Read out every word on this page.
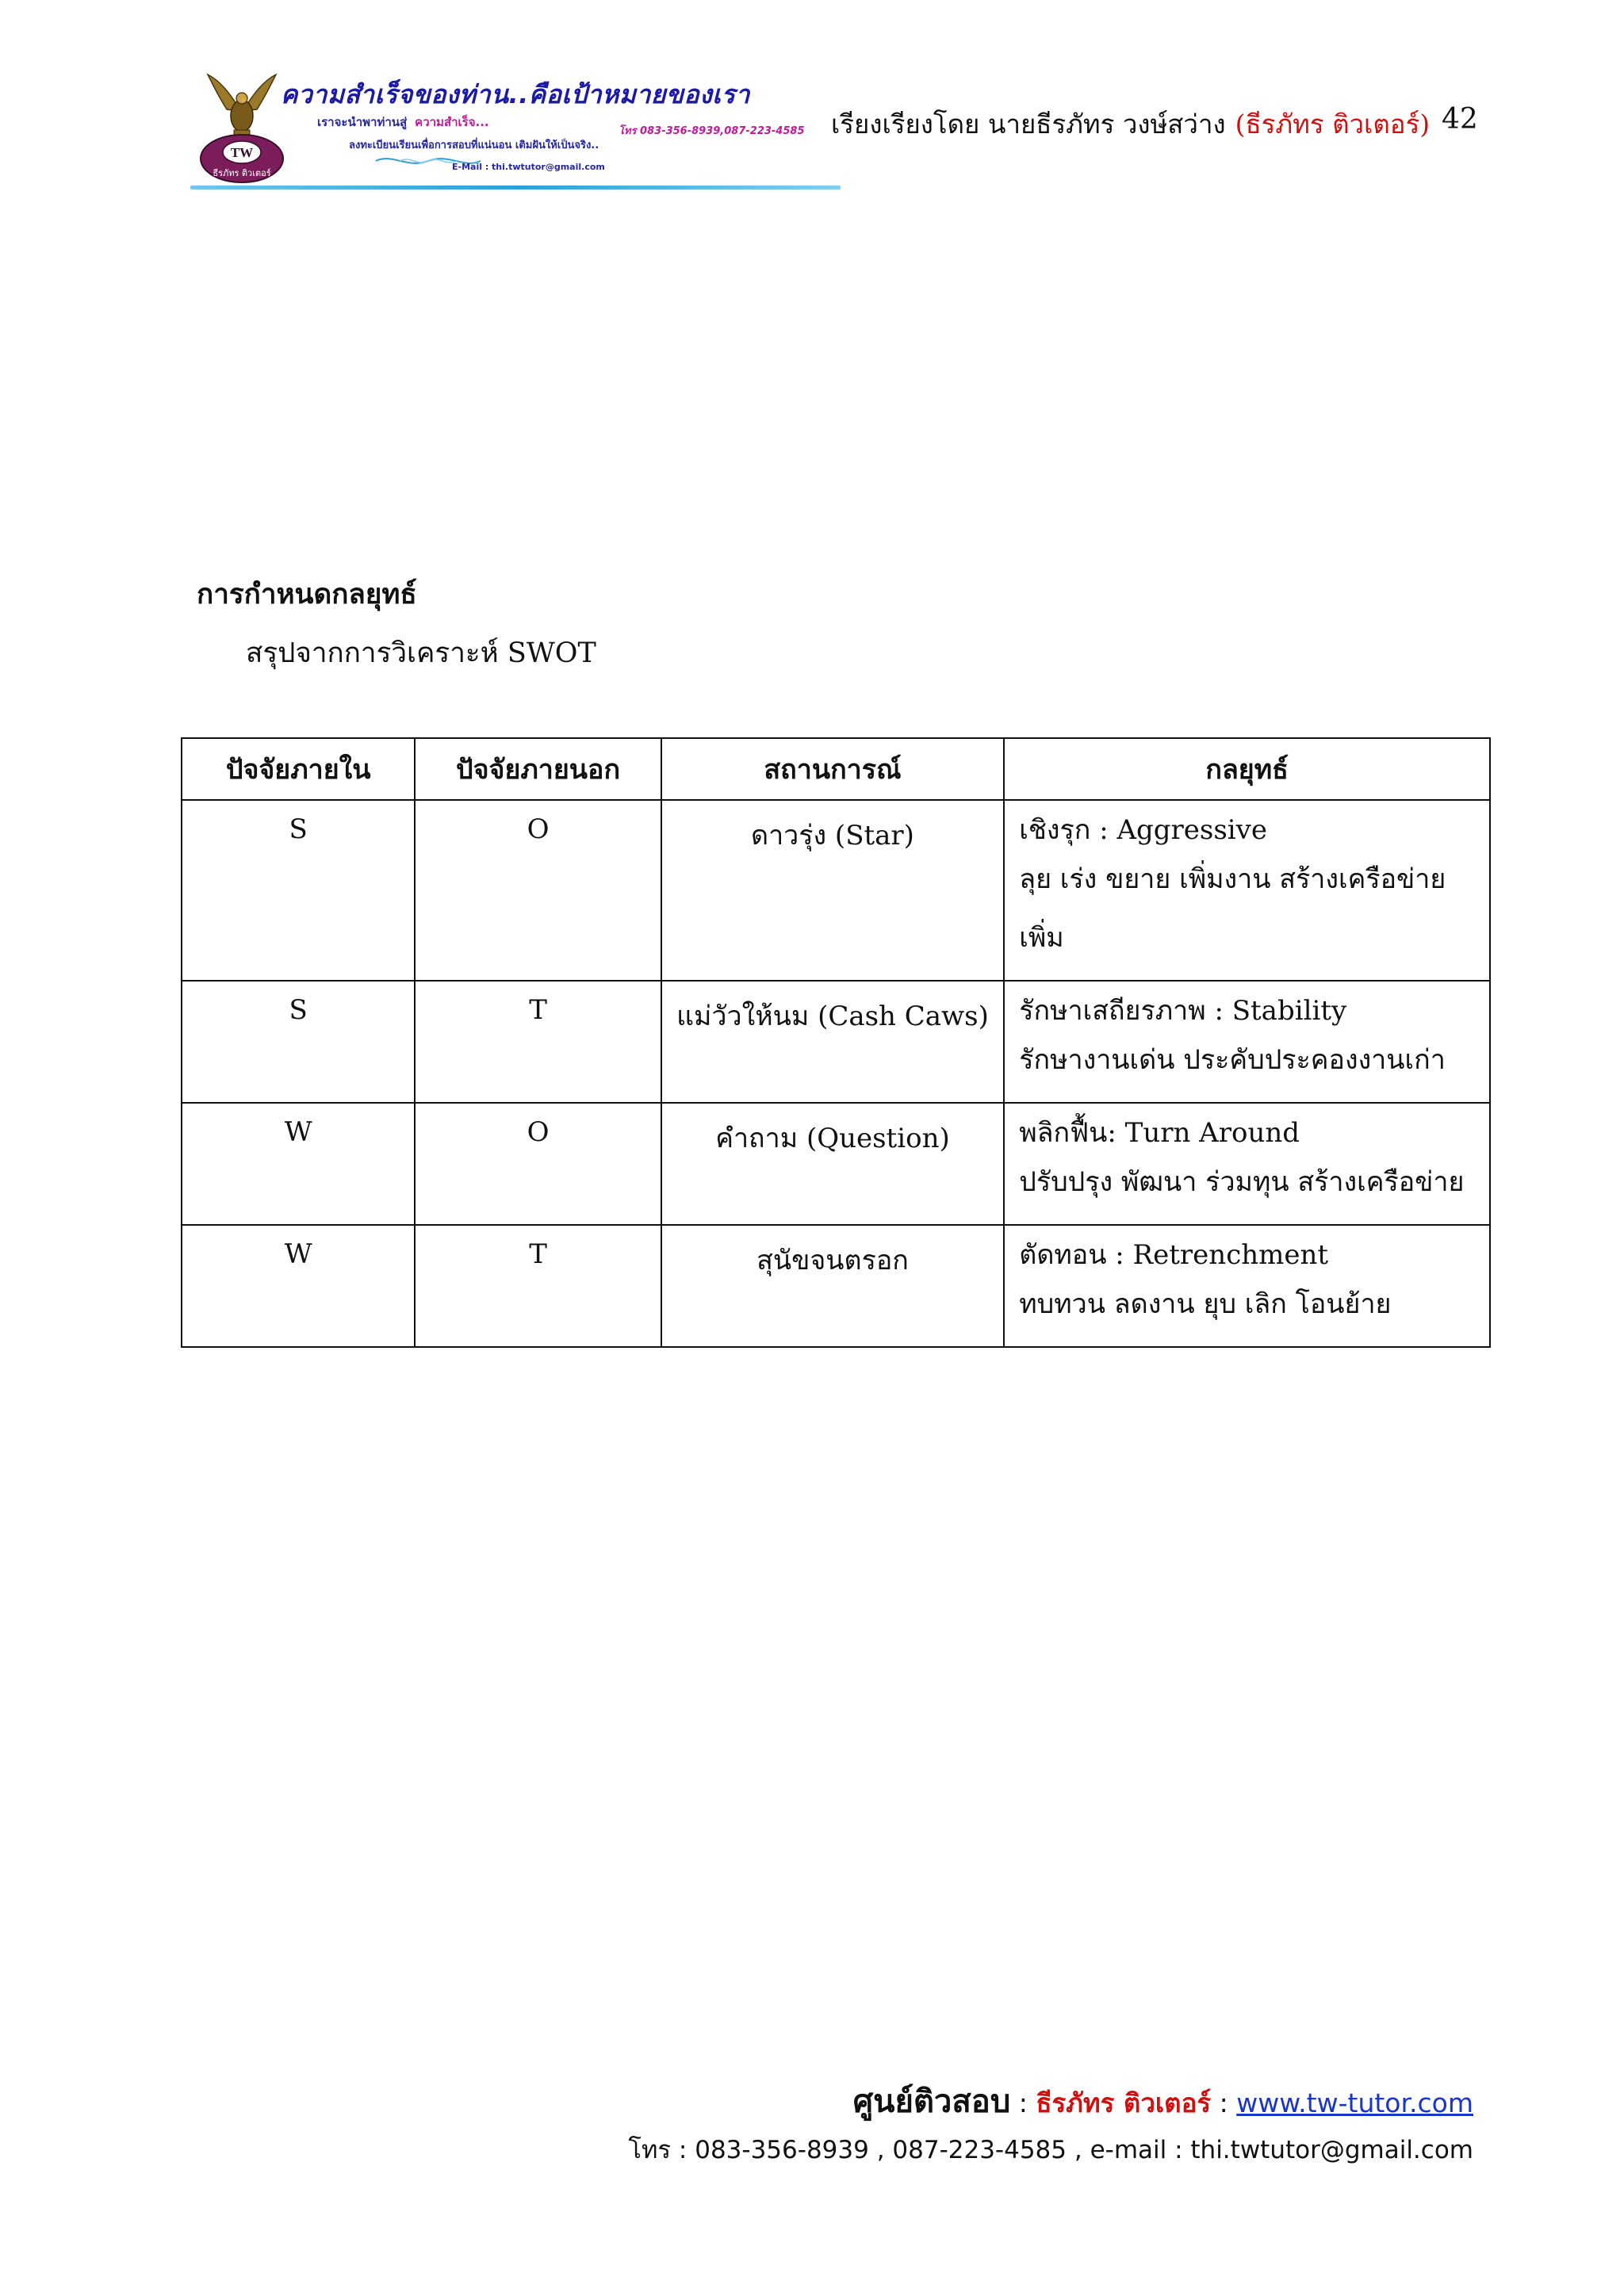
TW
ธีรภัทร ติวเตอร์
ความสำเร็จของท่าน..คือเป้าหมายของเรา
เราจะนำพาท่านสู่ ความสำเร็จ...
โทร 083-356-8939,087-223-4585
ลงทะเบียนเรียนเพื่อการสอบที่แน่นอน เติมฝันให้เป็นจริง..
E-Mail : thi.twtutor@gmail.com
เรียงเรียงโดย นายธีรภัทร วงษ์สว่าง (ธีรภัทร ติวเตอร์) 42
การกำหนดกลยุทธ์
สรุปจากการวิเคราะห์ SWOT
ปัจจัยภายใน	ปัจจัยภายนอก	สถานการณ์	กลยุทธ์
S	O	ดาวรุ่ง (Star)	เชิงรุก : Aggressive
ลุย เร่ง ขยาย เพิ่มงาน สร้างเครือข่าย
เพิ่ม

S	T	แม่วัวให้นม (Cash Caws)	รักษาเสถียรภาพ : Stability
รักษางานเด่น ประคับประคองงานเก่า

W	O	คำถาม (Question)	พลิกฟื้น: Turn Around
ปรับปรุง พัฒนา ร่วมทุน สร้างเครือข่าย

W	T	สุนัขจนตรอก	ตัดทอน : Retrenchment
ทบทวน ลดงาน ยุบ เลิก โอนย้าย
ศูนย์ติวสอบ : ธีรภัทร ติวเตอร์ : www.tw-tutor.com
โทร : 083-356-8939 , 087-223-4585 , e-mail : thi.twtutor@gmail.com
